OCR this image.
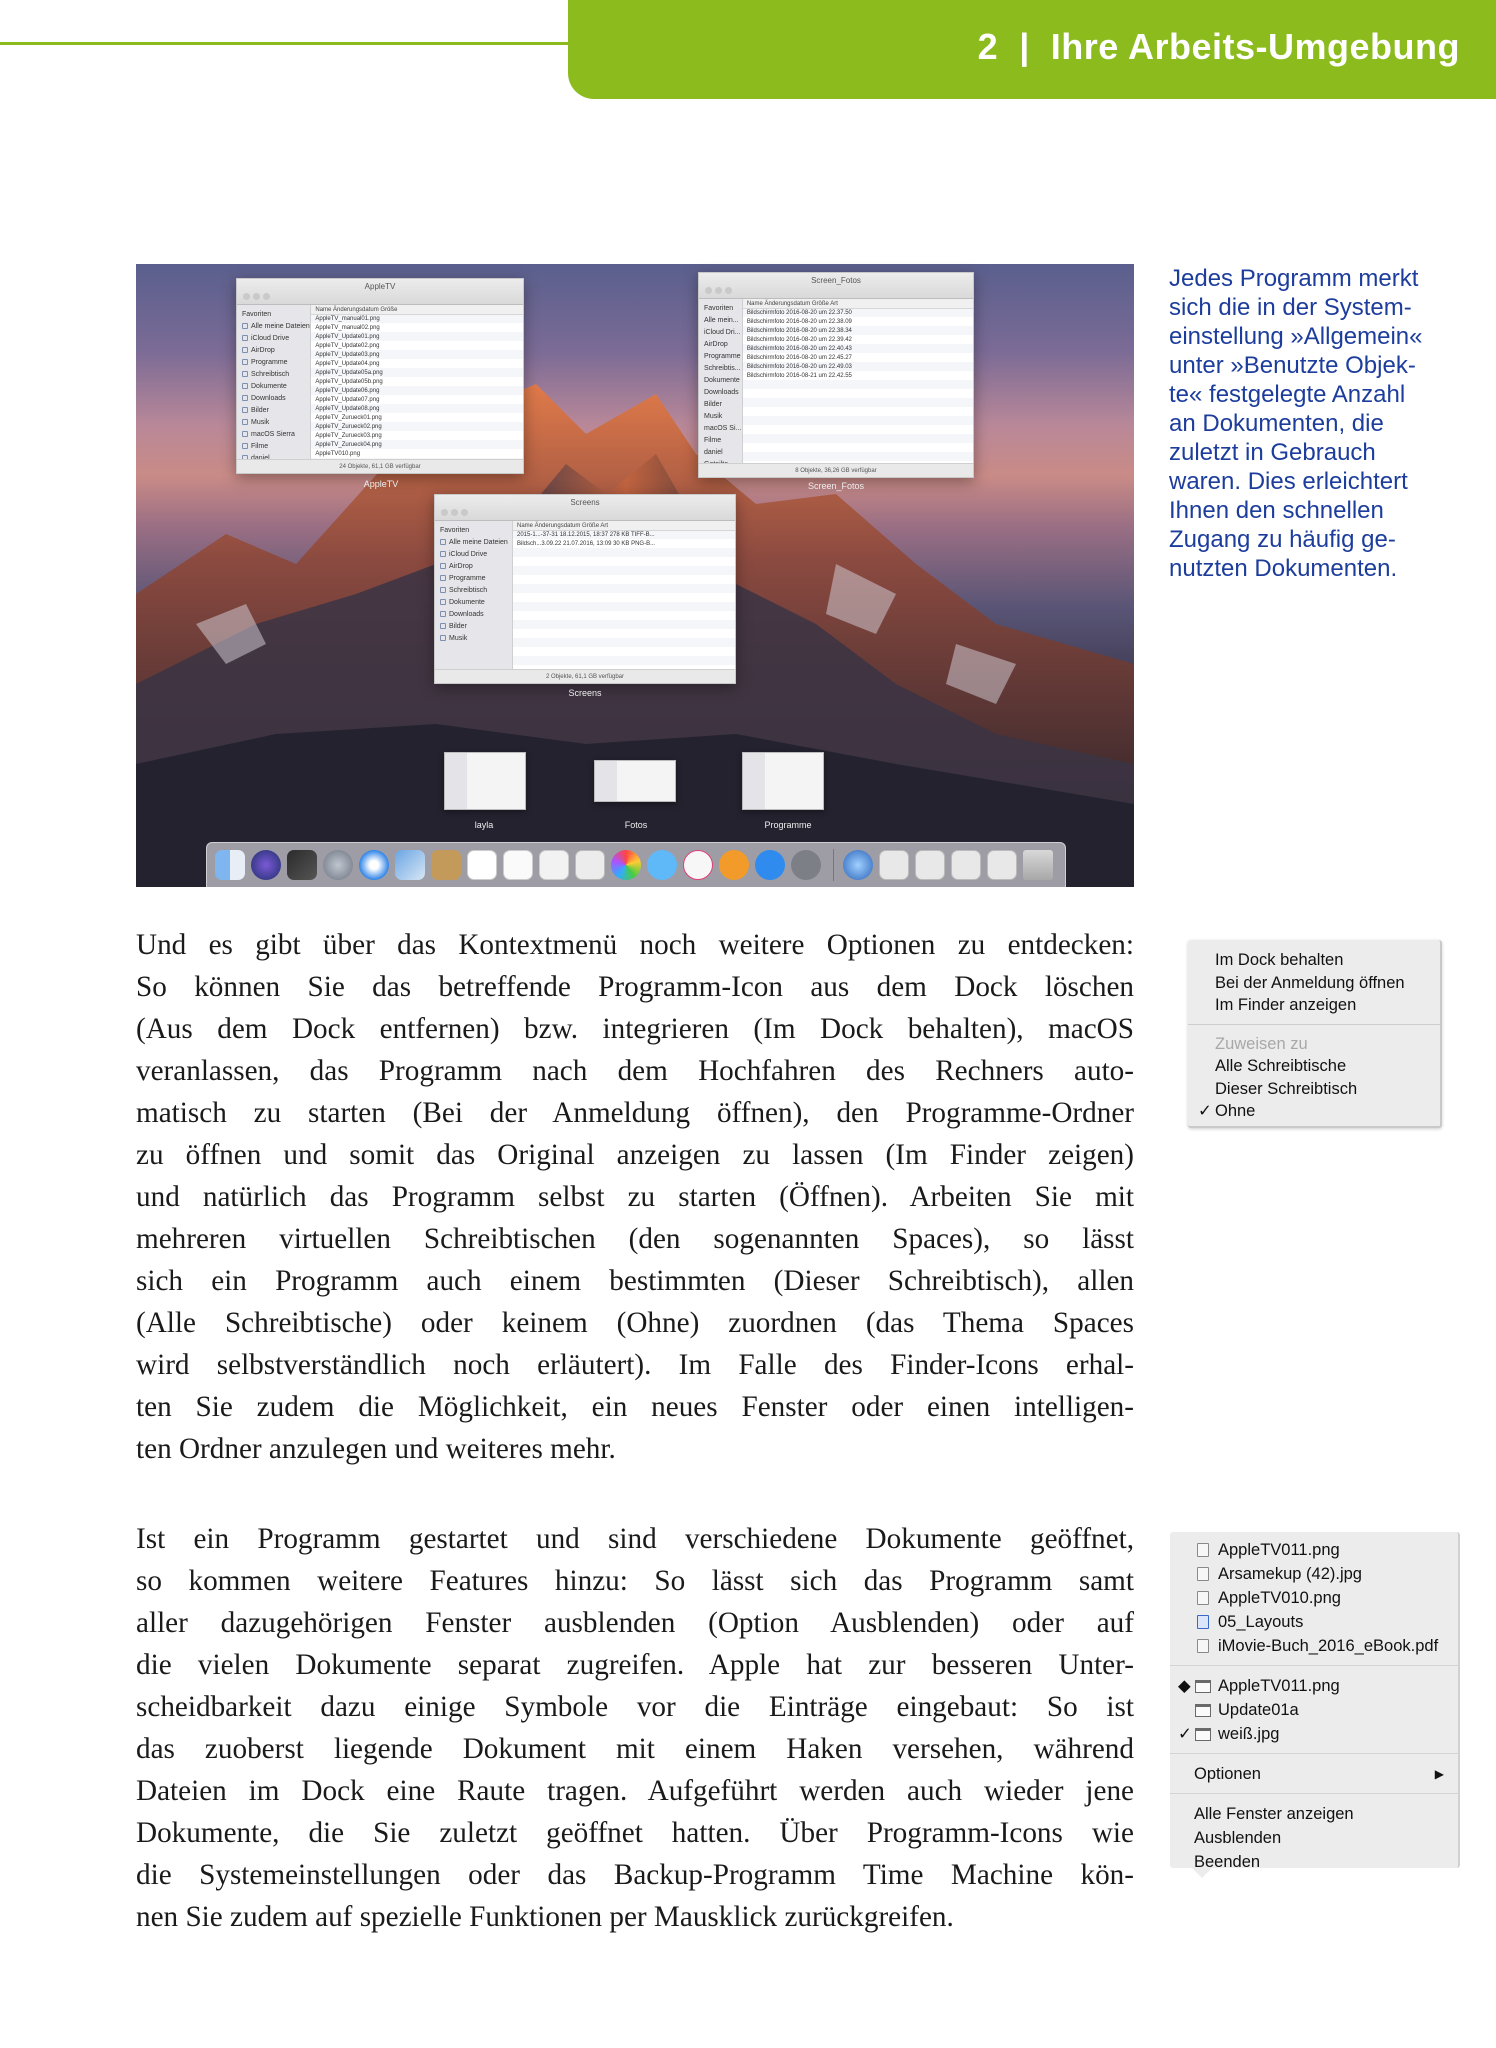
2 | Ihre Arbeits-Umgebung
AppleTV
Favoriten
Alle meine Dateien
iCloud Drive
AirDrop
Programme
Schreibtisch
Dokumente
Downloads
Bilder
Musik
macOS Sierra
Filme
Name Änderungsdatum Größe
AppleTV_manual01.png
AppleTV_manual02.png
AppleTV_Update01.png
AppleTV_Update02.png
AppleTV_Update03.png
AppleTV_Update04.png
AppleTV_Update05a.png
AppleTV_Update05b.png
AppleTV_Update06.png
AppleTV_Update07.png
AppleTV_Update08.png
AppleTV_Zurueck01.png
AppleTV_Zurueck02.png
AppleTV_Zurueck03.png
AppleTV_Zurueck04.png
AppleTV010.png
24 Objekte, 61,1 GB verfügbar
AppleTV
Screen_Fotos
Favoriten
Alle mein...
iCloud Dri...
AirDrop
Programme
Schreibtis...
Dokumente
Downloads
Bilder
Musik
macOS Si...
Filme
daniel
Name Änderungsdatum Größe Art
Bildschirmfoto 2016-08-20 um 22.37.50
Bildschirmfoto 2016-08-20 um 22.38.09
Bildschirmfoto 2016-08-20 um 22.38.34
Bildschirmfoto 2016-08-20 um 22.39.42
Bildschirmfoto 2016-08-20 um 22.40.43
Bildschirmfoto 2016-08-20 um 22.45.27
Bildschirmfoto 2016-08-20 um 22.49.03
Bildschirmfoto 2016-08-21 um 22.42.55
8 Objekte, 36,26 GB verfügbar
Screen_Fotos
Screens
Favoriten
Alle meine Dateien
iCloud Drive
AirDrop
Programme
Schreibtisch
Dokumente
Downloads
Bilder
Musik
Name Änderungsdatum Größe Art
2015-1...-37-31 18.12.2015, 18:37 278 KB TIFF-B...
Bildsch...3.09.22 21.07.2016, 13:09 30 KB PNG-B...
2 Objekte, 61,1 GB verfügbar
Screens
layla	Fotos	Programme
Jedes Programm merkt
sich die in der System-
einstellung »Allgemein«
unter »Benutzte Objek-
te« festgelegte Anzahl
an Dokumenten, die
zuletzt in Gebrauch
waren. Dies erleichtert
Ihnen den schnellen
Zugang zu häufig ge-
nutzten Dokumenten.
Und es gibt über das Kontextmenü noch weitere Optionen zu entdecken:
So können Sie das betreffende Programm-Icon aus dem Dock löschen
(Aus dem Dock entfernen) bzw. integrieren (Im Dock behalten), macOS
veranlassen, das Programm nach dem Hochfahren des Rechners auto-
matisch zu starten (Bei der Anmeldung öffnen), den Programme-Ordner
zu öffnen und somit das Original anzeigen zu lassen (Im Finder zeigen)
und natürlich das Programm selbst zu starten (Öffnen). Arbeiten Sie mit
mehreren virtuellen Schreibtischen (den sogenannten Spaces), so lässt
sich ein Programm auch einem bestimmten (Dieser Schreibtisch), allen
(Alle Schreibtische) oder keinem (Ohne) zuordnen (das Thema Spaces
wird selbstverständlich noch erläutert). Im Falle des Finder-Icons erhal-
ten Sie zudem die Möglichkeit, ein neues Fenster oder einen intelligen-
ten Ordner anzulegen und weiteres mehr.
Im Dock behalten
Bei der Anmeldung öffnen
Im Finder anzeigen
Zuweisen zu
Alle Schreibtische
Dieser Schreibtisch
✓ Ohne
Ist ein Programm gestartet und sind verschiedene Dokumente geöffnet,
so kommen weitere Features hinzu: So lässt sich das Programm samt
aller dazugehörigen Fenster ausblenden (Option Ausblenden) oder auf
die vielen Dokumente separat zugreifen. Apple hat zur besseren Unter-
scheidbarkeit dazu einige Symbole vor die Einträge eingebaut: So ist
das zuoberst liegende Dokument mit einem Haken versehen, während
Dateien im Dock eine Raute tragen. Aufgeführt werden auch wieder jene
Dokumente, die Sie zuletzt geöffnet hatten. Über Programm-Icons wie
die Systemeinstellungen oder das Backup-Programm Time Machine kön-
nen Sie zudem auf spezielle Funktionen per Mausklick zurückgreifen.
AppleTV011.png
Arsamekup (42).jpg
AppleTV010.png
05_Layouts
iMovie-Buch_2016_eBook.pdf
◆ AppleTV011.png
Update01a
✓ weiß.jpg
Optionen	▶
Alle Fenster anzeigen
Ausblenden
Beenden
